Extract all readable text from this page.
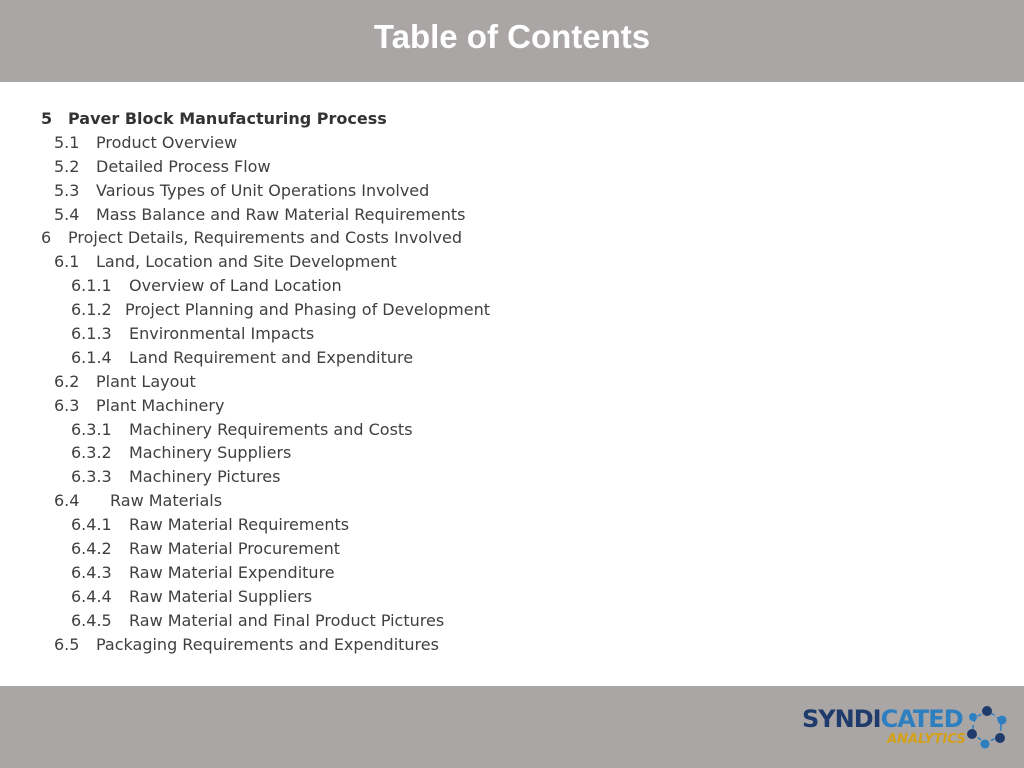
Table of Contents
5 Paver Block Manufacturing Process
5.1 Product Overview
5.2 Detailed Process Flow
5.3 Various Types of Unit Operations Involved
5.4 Mass Balance and Raw Material Requirements
6 Project Details, Requirements and Costs Involved
6.1 Land, Location and Site Development
6.1.1 Overview of Land Location
6.1.2 Project Planning and Phasing of Development
6.1.3 Environmental Impacts
6.1.4 Land Requirement and Expenditure
6.2 Plant Layout
6.3 Plant Machinery
6.3.1 Machinery Requirements and Costs
6.3.2 Machinery Suppliers
6.3.3 Machinery Pictures
6.4 Raw Materials
6.4.1 Raw Material Requirements
6.4.2 Raw Material Procurement
6.4.3 Raw Material Expenditure
6.4.4 Raw Material Suppliers
6.4.5 Raw Material and Final Product Pictures
6.5 Packaging Requirements and Expenditures
SYNDICATED
ANALYTICS
